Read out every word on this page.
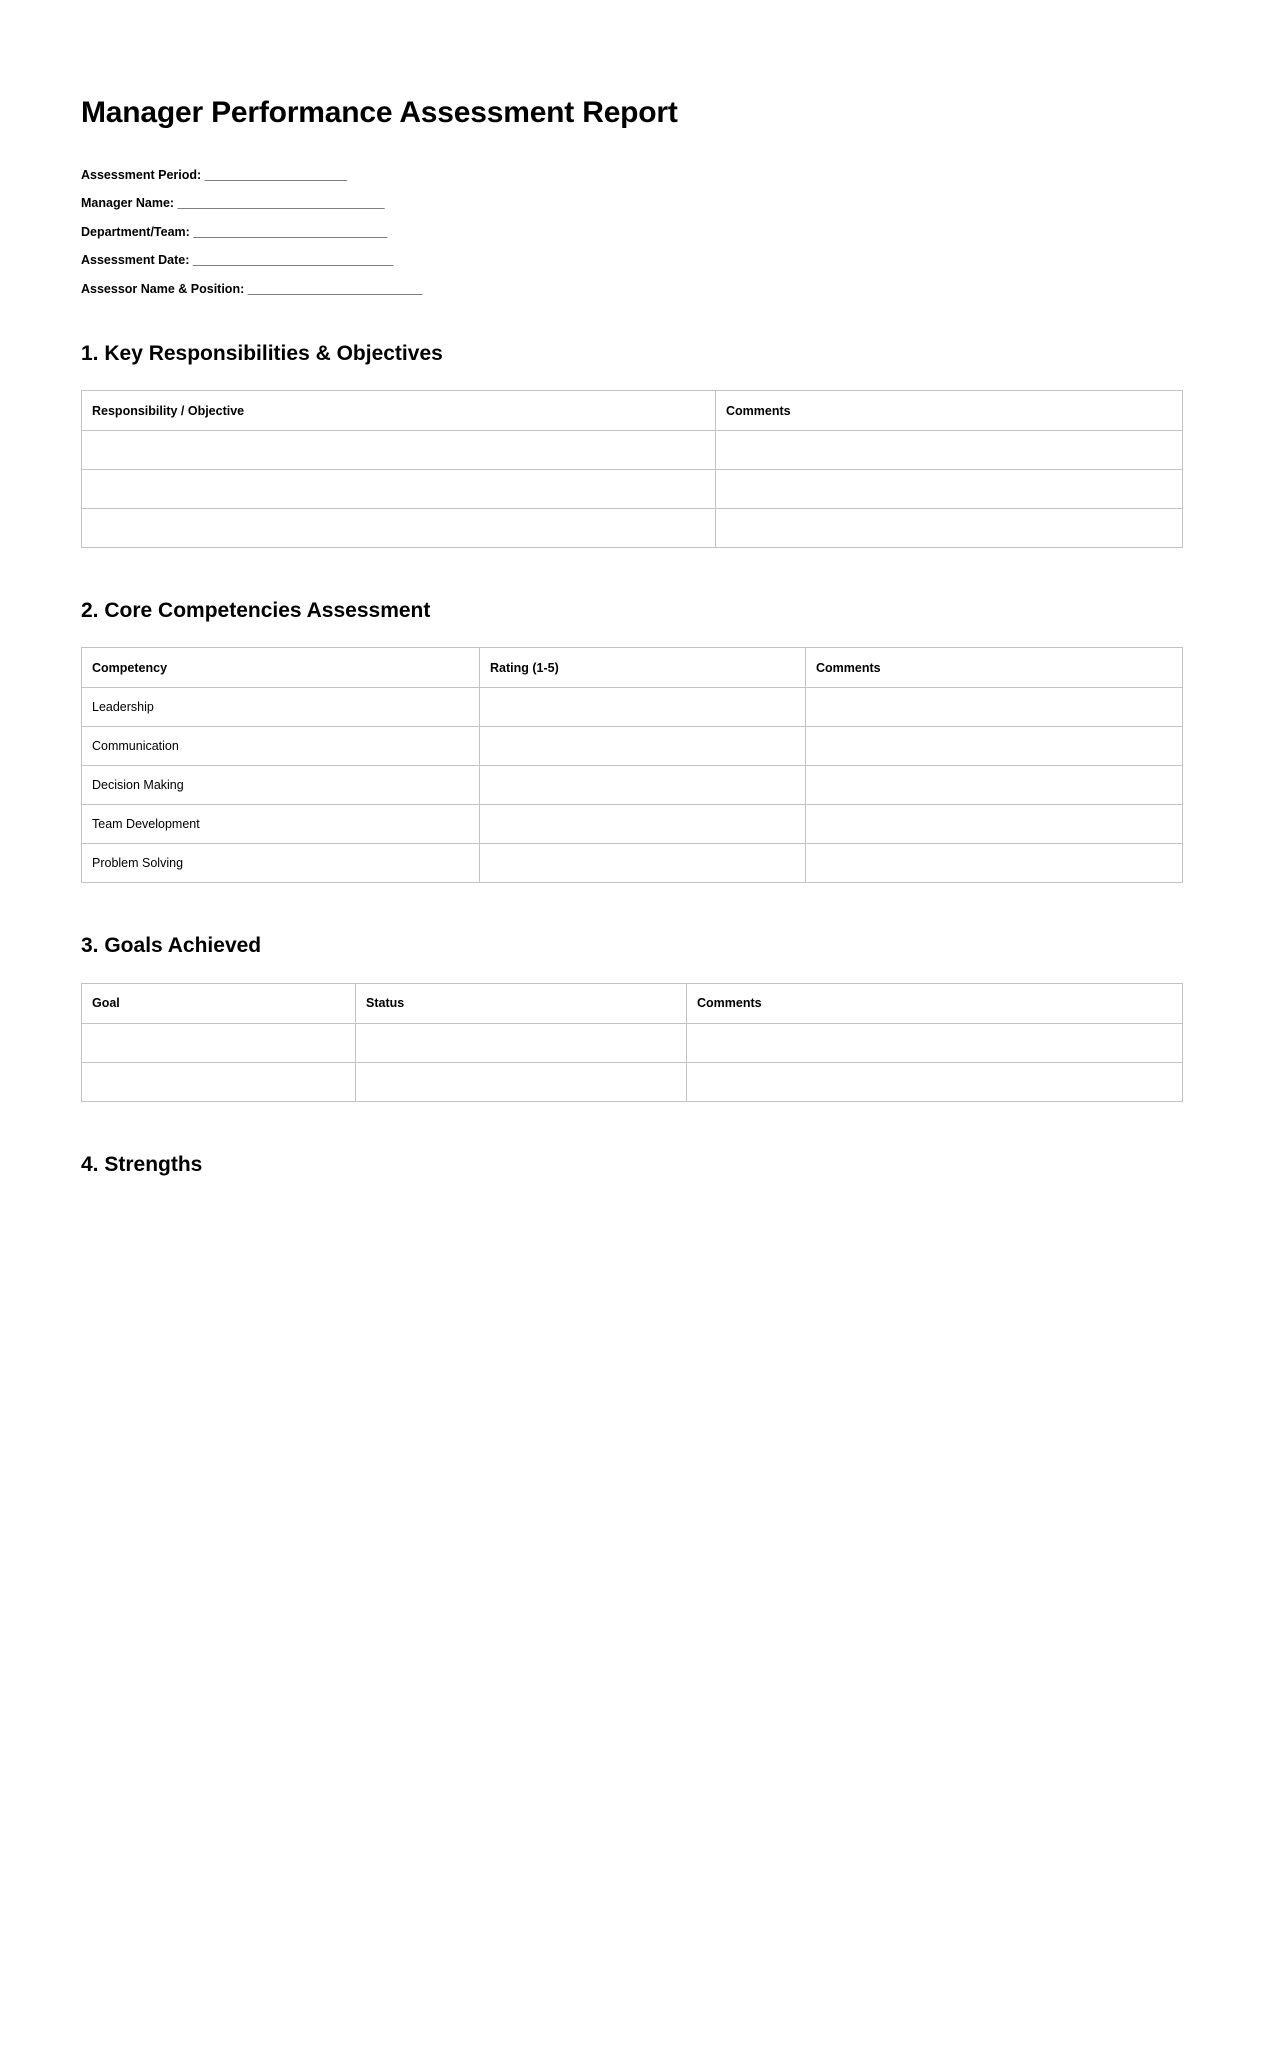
Manager Performance Assessment Report
Assessment Period: ______________________
Manager Name: ________________________________
Department/Team: ______________________________
Assessment Date: _______________________________
Assessor Name & Position: ___________________________
1. Key Responsibilities & Objectives
Responsibility / Objective	Comments

2. Core Competencies Assessment
Competency	Rating (1-5)	Comments
Leadership		
Communication		
Decision Making		
Team Development		
Problem Solving		
3. Goals Achieved
Goal	Status	Comments

4. Strengths
